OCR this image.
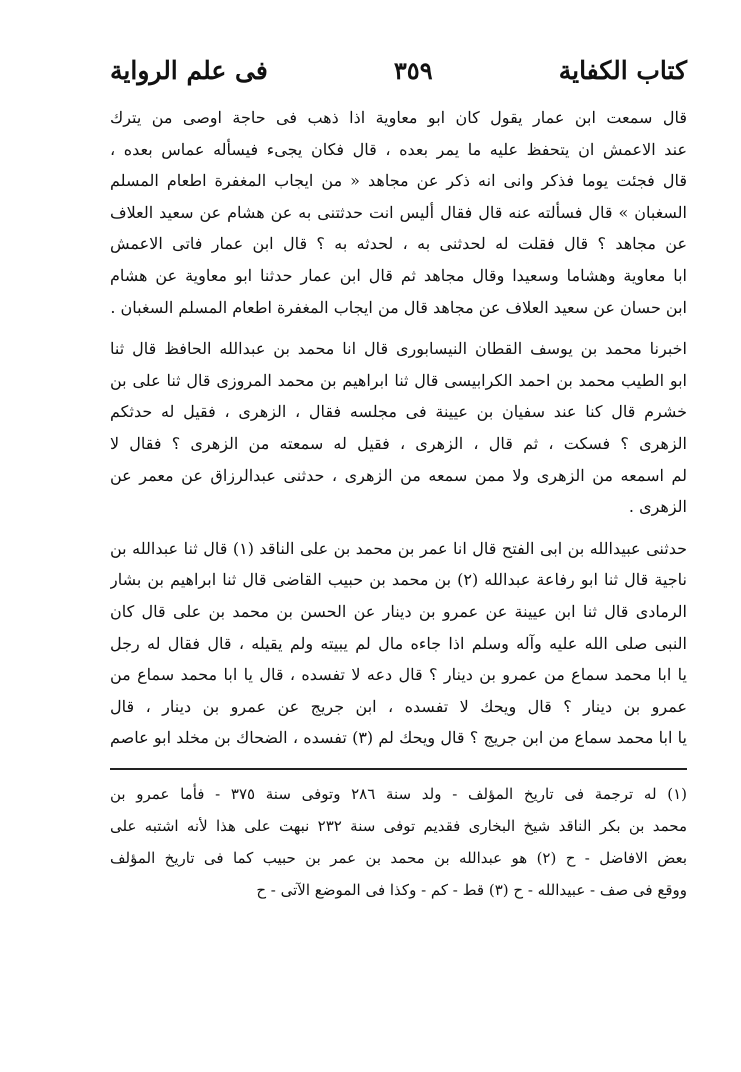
كتاب الكفاية
٣٥٩
فى علم الرواية
قال سمعت ابن عمار يقول كان ابو معاوية اذا ذهب فى حاجة اوصى من يترك
عند الاعمش ان يتحفظ عليه ما يمر بعده ، قال فكان يجىء فيسأله عماس بعده ،
قال فجئت يوما فذكر وانى انه ذكر عن مجاهد « من ايجاب المغفرة اطعام المسلم
السغبان » قال فسألته عنه قال فقال أليس انت حدثتنى به عن هشام عن سعيد العلاف
عن مجاهد ؟ قال فقلت له لحدثنى به ، لحدثه به ؟ قال ابن عمار فاتى الاعمش
ابا معاوية وهشاما وسعيدا وقال مجاهد ثم قال ابن عمار حدثنا ابو معاوية عن هشام
ابن حسان عن سعيد العلاف عن مجاهد قال من ايجاب المغفرة اطعام المسلم السغبان .
اخبرنا محمد بن يوسف القطان النيسابورى قال انا محمد بن عبدالله الحافظ قال ثنا
ابو الطيب محمد بن احمد الكرابيسى قال ثنا ابراهيم بن محمد المروزى قال ثنا على بن
خشرم قال كنا عند سفيان بن عيينة فى مجلسه فقال ، الزهرى ، فقيل له حدثكم
الزهرى ؟ فسكت ، ثم قال ، الزهرى ، فقيل له سمعته من الزهرى ؟ فقال لا
لم اسمعه من الزهرى ولا ممن سمعه من الزهرى ، حدثنى عبدالرزاق عن معمر عن
الزهرى .
حدثنى عبيدالله بن ابى الفتح قال انا عمر بن محمد بن على الناقد (١) قال ثنا عبدالله بن
ناجية قال ثنا ابو رفاعة عبدالله (٢) بن محمد بن حبيب القاضى قال ثنا ابراهيم بن بشار
الرمادى قال ثنا ابن عيينة عن عمرو بن دينار عن الحسن بن محمد بن على قال كان
النبى صلى الله عليه وآله وسلم اذا جاءه مال لم يبيته ولم يقيله ، قال فقال له رجل
يا ابا محمد سماع من عمرو بن دينار ؟ قال دعه لا تفسده ، قال يا ابا محمد سماع من
عمرو بن دينار ؟ قال ويحك لا تفسده ، ابن جريج عن عمرو بن دينار ، قال
يا ابا محمد سماع من ابن جريج ؟ قال ويحك لم (٣) تفسده ، الضحاك بن مخلد ابو عاصم
(١) له ترجمة فى تاريخ المؤلف - ولد سنة ٢٨٦ وتوفى سنة ٣٧٥ - فأما عمرو بن
محمد بن بكر الناقد شيخ البخارى فقديم توفى سنة ٢٣٢ نبهت على هذا لأنه اشتبه على
بعض الافاضل - ح (٢) هو عبدالله بن محمد بن عمر بن حبيب كما فى تاريخ المؤلف
ووقع فى صف - عبيدالله - ح (٣) قط - كم - وكذا فى الموضع الآتى - ح
